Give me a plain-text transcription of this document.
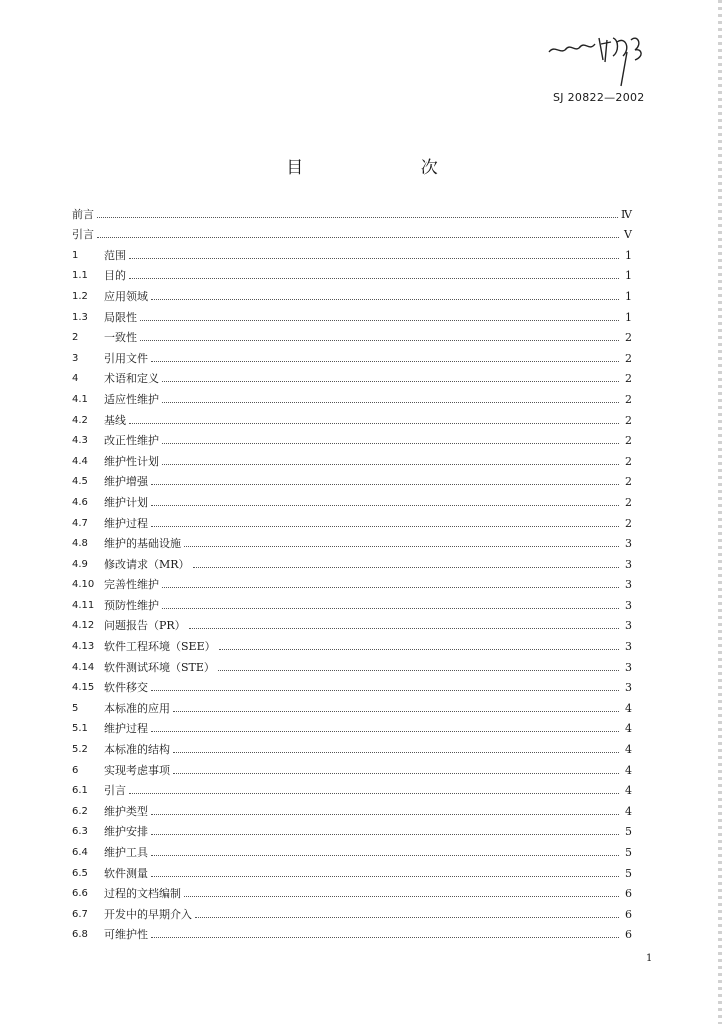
SJ 20822—2002
目 次
前言	Ⅳ
引言	Ⅴ
1	范围	1
1.1	目的	1
1.2	应用领域	1
1.3	局限性	1
2	一致性	2
3	引用文件	2
4	术语和定义	2
4.1	适应性维护	2
4.2	基线	2
4.3	改正性维护	2
4.4	维护性计划	2
4.5	维护增强	2
4.6	维护计划	2
4.7	维护过程	2
4.8	维护的基础设施	3
4.9	修改请求（MR）	3
4.10 完善性维护	3
4.11 预防性维护	3
4.12 问题报告（PR）	3
4.13 软件工程环境（SEE）	3
4.14 软件测试环境（STE）	3
4.15 软件移交	3
5	本标准的应用	4
5.1	维护过程	4
5.2	本标准的结构	4
6	实现考虑事项	4
6.1	引言	4
6.2	维护类型	4
6.3	维护安排	5
6.4	维护工具	5
6.5	软件测量	5
6.6	过程的文档编制	6
6.7	开发中的早期介入	6
6.8	可维护性	6
1
